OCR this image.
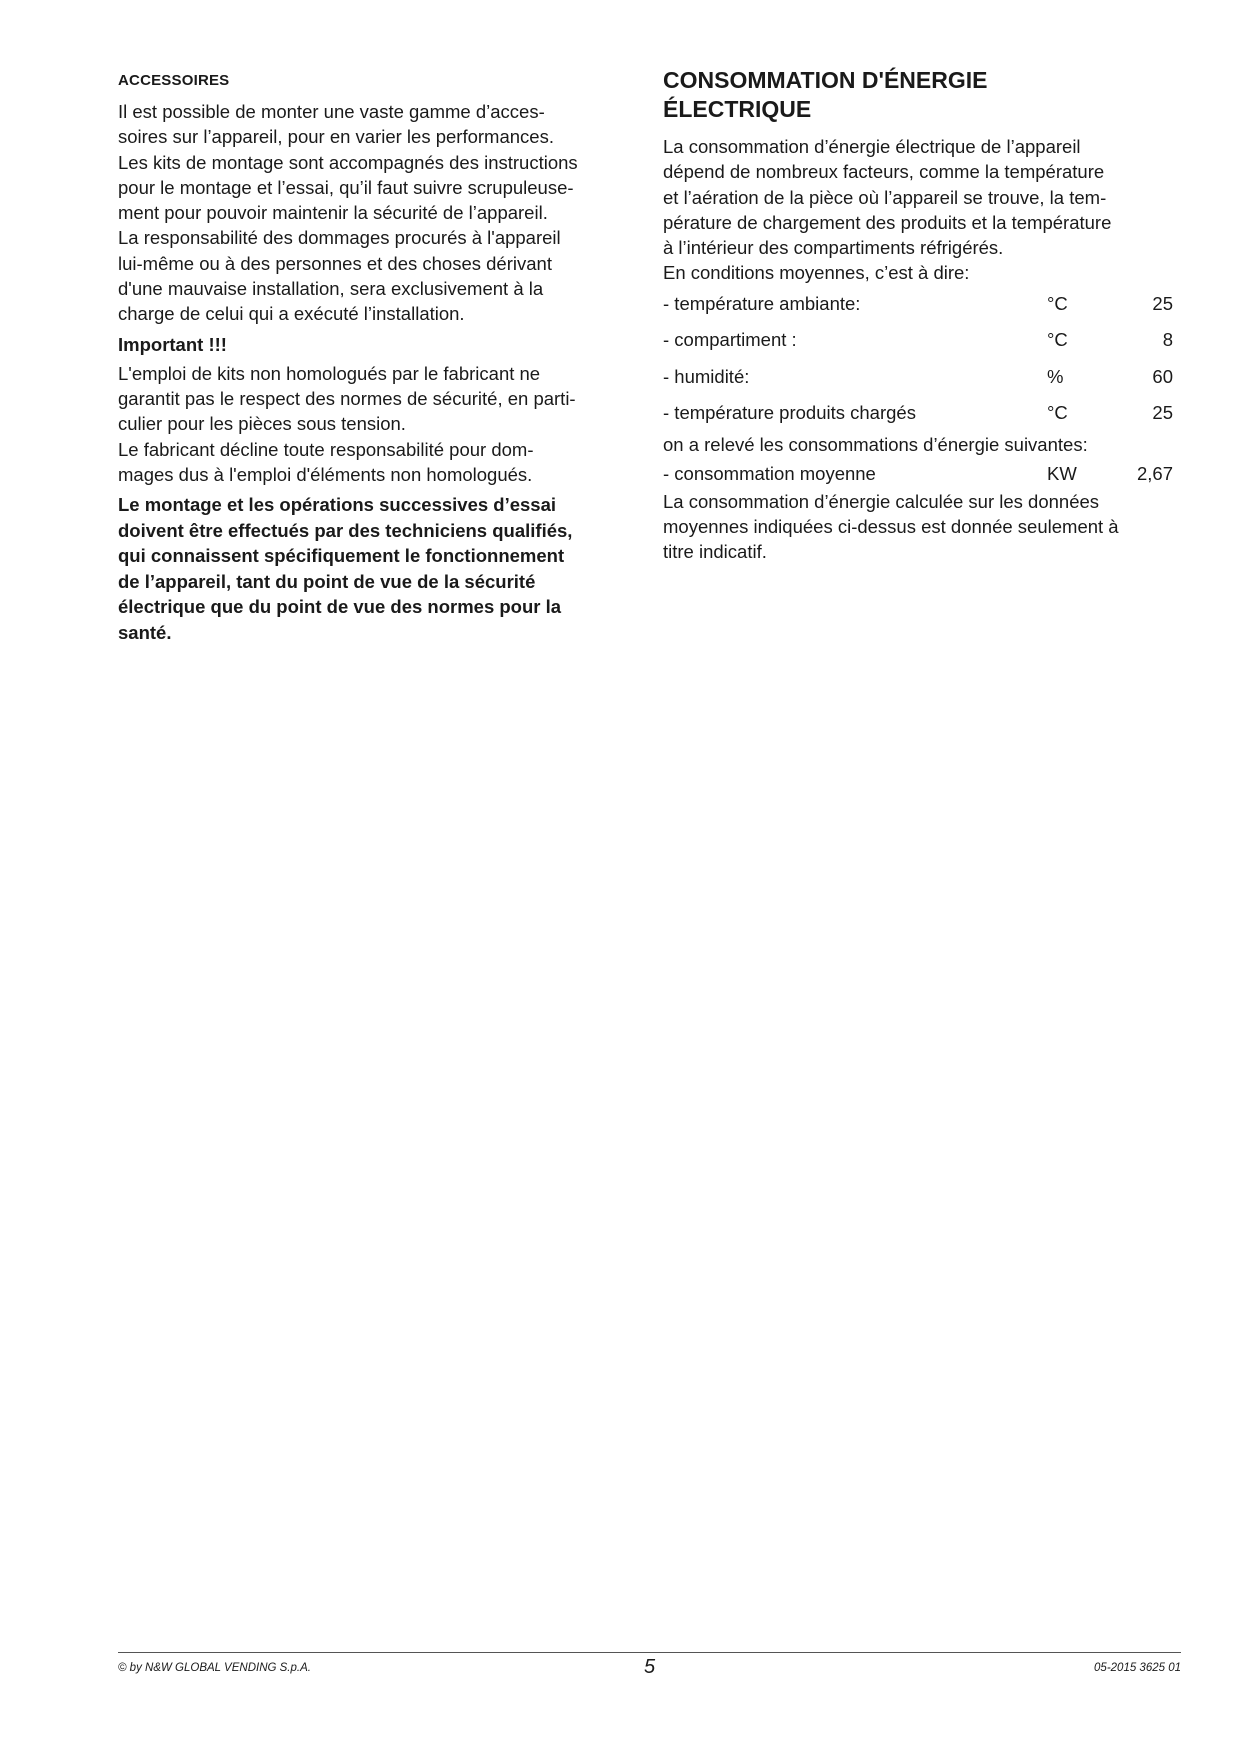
ACCESSOIRES

Il est possible de monter une vaste gamme d’acces-
soires sur l’appareil, pour en varier les performances.
Les kits de montage sont accompagnés des instructions
pour le montage et l’essai, qu’il faut suivre scrupuleuse-
ment pour pouvoir maintenir la sécurité de l’appareil.
La responsabilité des dommages procurés à l'appareil
lui-même ou à des personnes et des choses dérivant
d'une mauvaise installation, sera exclusivement à la
charge de celui qui a exécuté l’installation.

Important !!!

L'emploi de kits non homologués par le fabricant ne
garantit pas le respect des normes de sécurité, en parti-
culier pour les pièces sous tension.
Le fabricant décline toute responsabilité pour dom-
mages dus à l'emploi d'éléments non homologués.

Le montage et les opérations successives d’essai
doivent être effectués par des techniciens qualifiés,
qui connaissent spécifiquement le fonctionnement
de l’appareil, tant du point de vue de la sécurité
électrique que du point de vue des normes pour la
santé.

CONSOMMATION D'ÉNERGIE
ÉLECTRIQUE

La consommation d’énergie électrique de l’appareil
dépend de nombreux facteurs, comme la température
et l’aération de la pièce où l’appareil se trouve, la tem-
pérature de chargement des produits et la température
à l’intérieur des compartiments réfrigérés.
En conditions moyennes, c’est à dire:

- température ambiante:	°C	25
- compartiment :	°C	8
- humidité:	%	60
- température produits chargés	°C	25

on a relevé les consommations d’énergie suivantes:

- consommation moyenne	KW	2,67

La consommation d’énergie calculée sur les données
moyennes indiquées ci-dessus est donnée seulement à
titre indicatif.

© by N&W GLOBAL VENDING S.p.A.	5	05-2015 3625 01
